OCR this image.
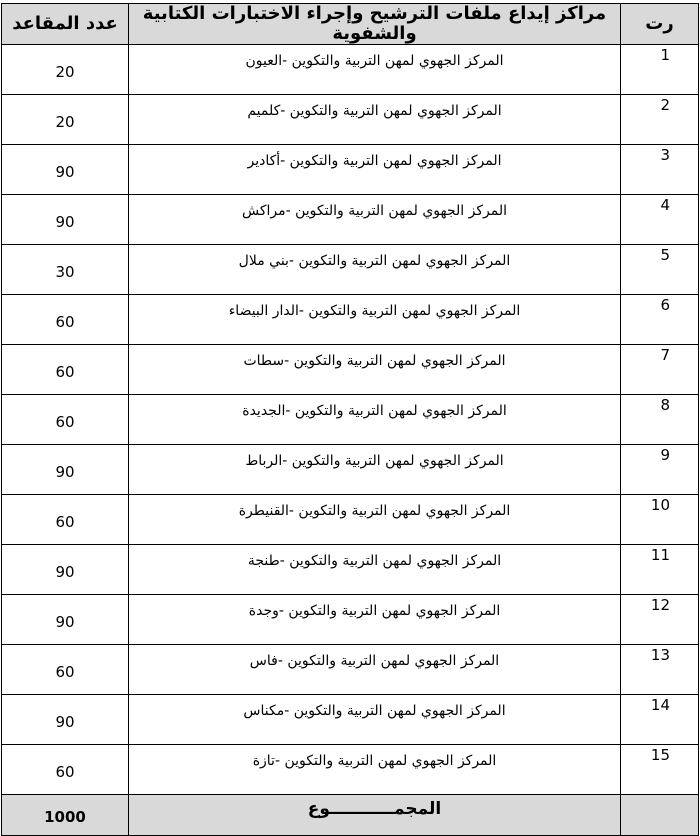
عدد المقاعد	مراكز إيداع ملفات الترشيح وإجراء الاختبارات الكتابية والشفوية	رت
20	المركز الجهوي لمهن التربية والتكوين -العيون	1
20	المركز الجهوي لمهن التربية والتكوين -كلميم	2
90	المركز الجهوي لمهن التربية والتكوين -أكادير	3
90	المركز الجهوي لمهن التربية والتكوين -مراكش	4
30	المركز الجهوي لمهن التربية والتكوين -بني ملال	5
60	المركز الجهوي لمهن التربية والتكوين -الدار البيضاء	6
60	المركز الجهوي لمهن التربية والتكوين -سطات	7
60	المركز الجهوي لمهن التربية والتكوين -الجديدة	8
90	المركز الجهوي لمهن التربية والتكوين -الرباط	9
60	المركز الجهوي لمهن التربية والتكوين -القنيطرة	10
90	المركز الجهوي لمهن التربية والتكوين -طنجة	11
90	المركز الجهوي لمهن التربية والتكوين -وجدة	12
60	المركز الجهوي لمهن التربية والتكوين -فاس	13
90	المركز الجهوي لمهن التربية والتكوين -مكناس	14
60	المركز الجهوي لمهن التربية والتكوين -تازة	15
1000	المجمـــــــــــوع	
